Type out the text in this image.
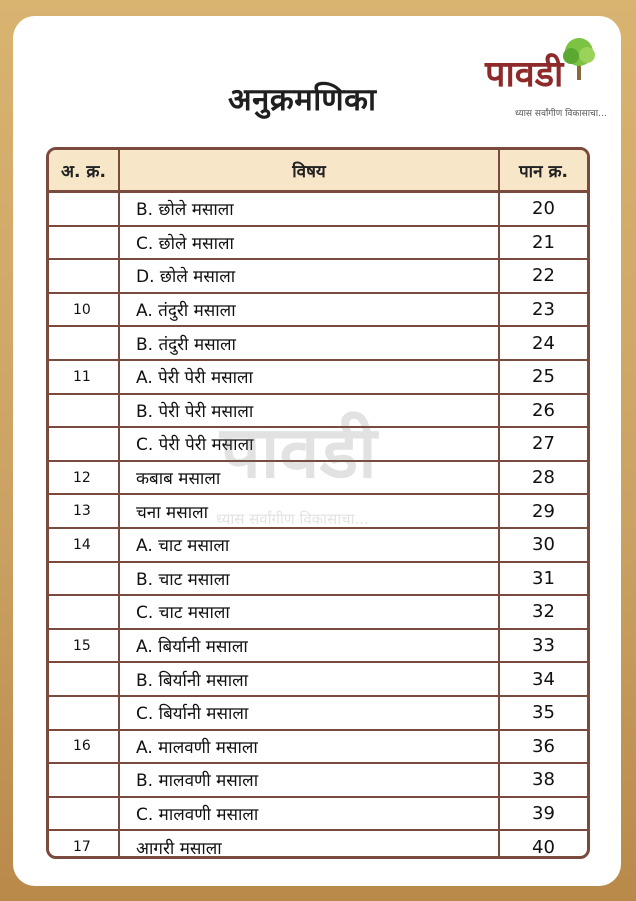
पावडी
ध्यास सर्वांगीण विकासाचा...
अनुक्रमणिका
अ. क्र.	विषय	पान क्र.
	B. छोले मसाला	20
	C. छोले मसाला	21
	D. छोले मसाला	22
10	A. तंदुरी मसाला	23
	B. तंदुरी मसाला	24
11	A. पेरी पेरी मसाला	25
	B. पेरी पेरी मसाला	26
	C. पेरी पेरी मसाला	27
12	कबाब मसाला	28
13	चना मसाला	29
14	A. चाट मसाला	30
	B. चाट मसाला	31
	C. चाट मसाला	32
15	A. बिर्यानी मसाला	33
	B. बिर्यानी मसाला	34
	C. बिर्यानी मसाला	35
16	A. मालवणी मसाला	36
	B. मालवणी मसाला	38
	C. मालवणी मसाला	39
17	आगरी मसाला	40
